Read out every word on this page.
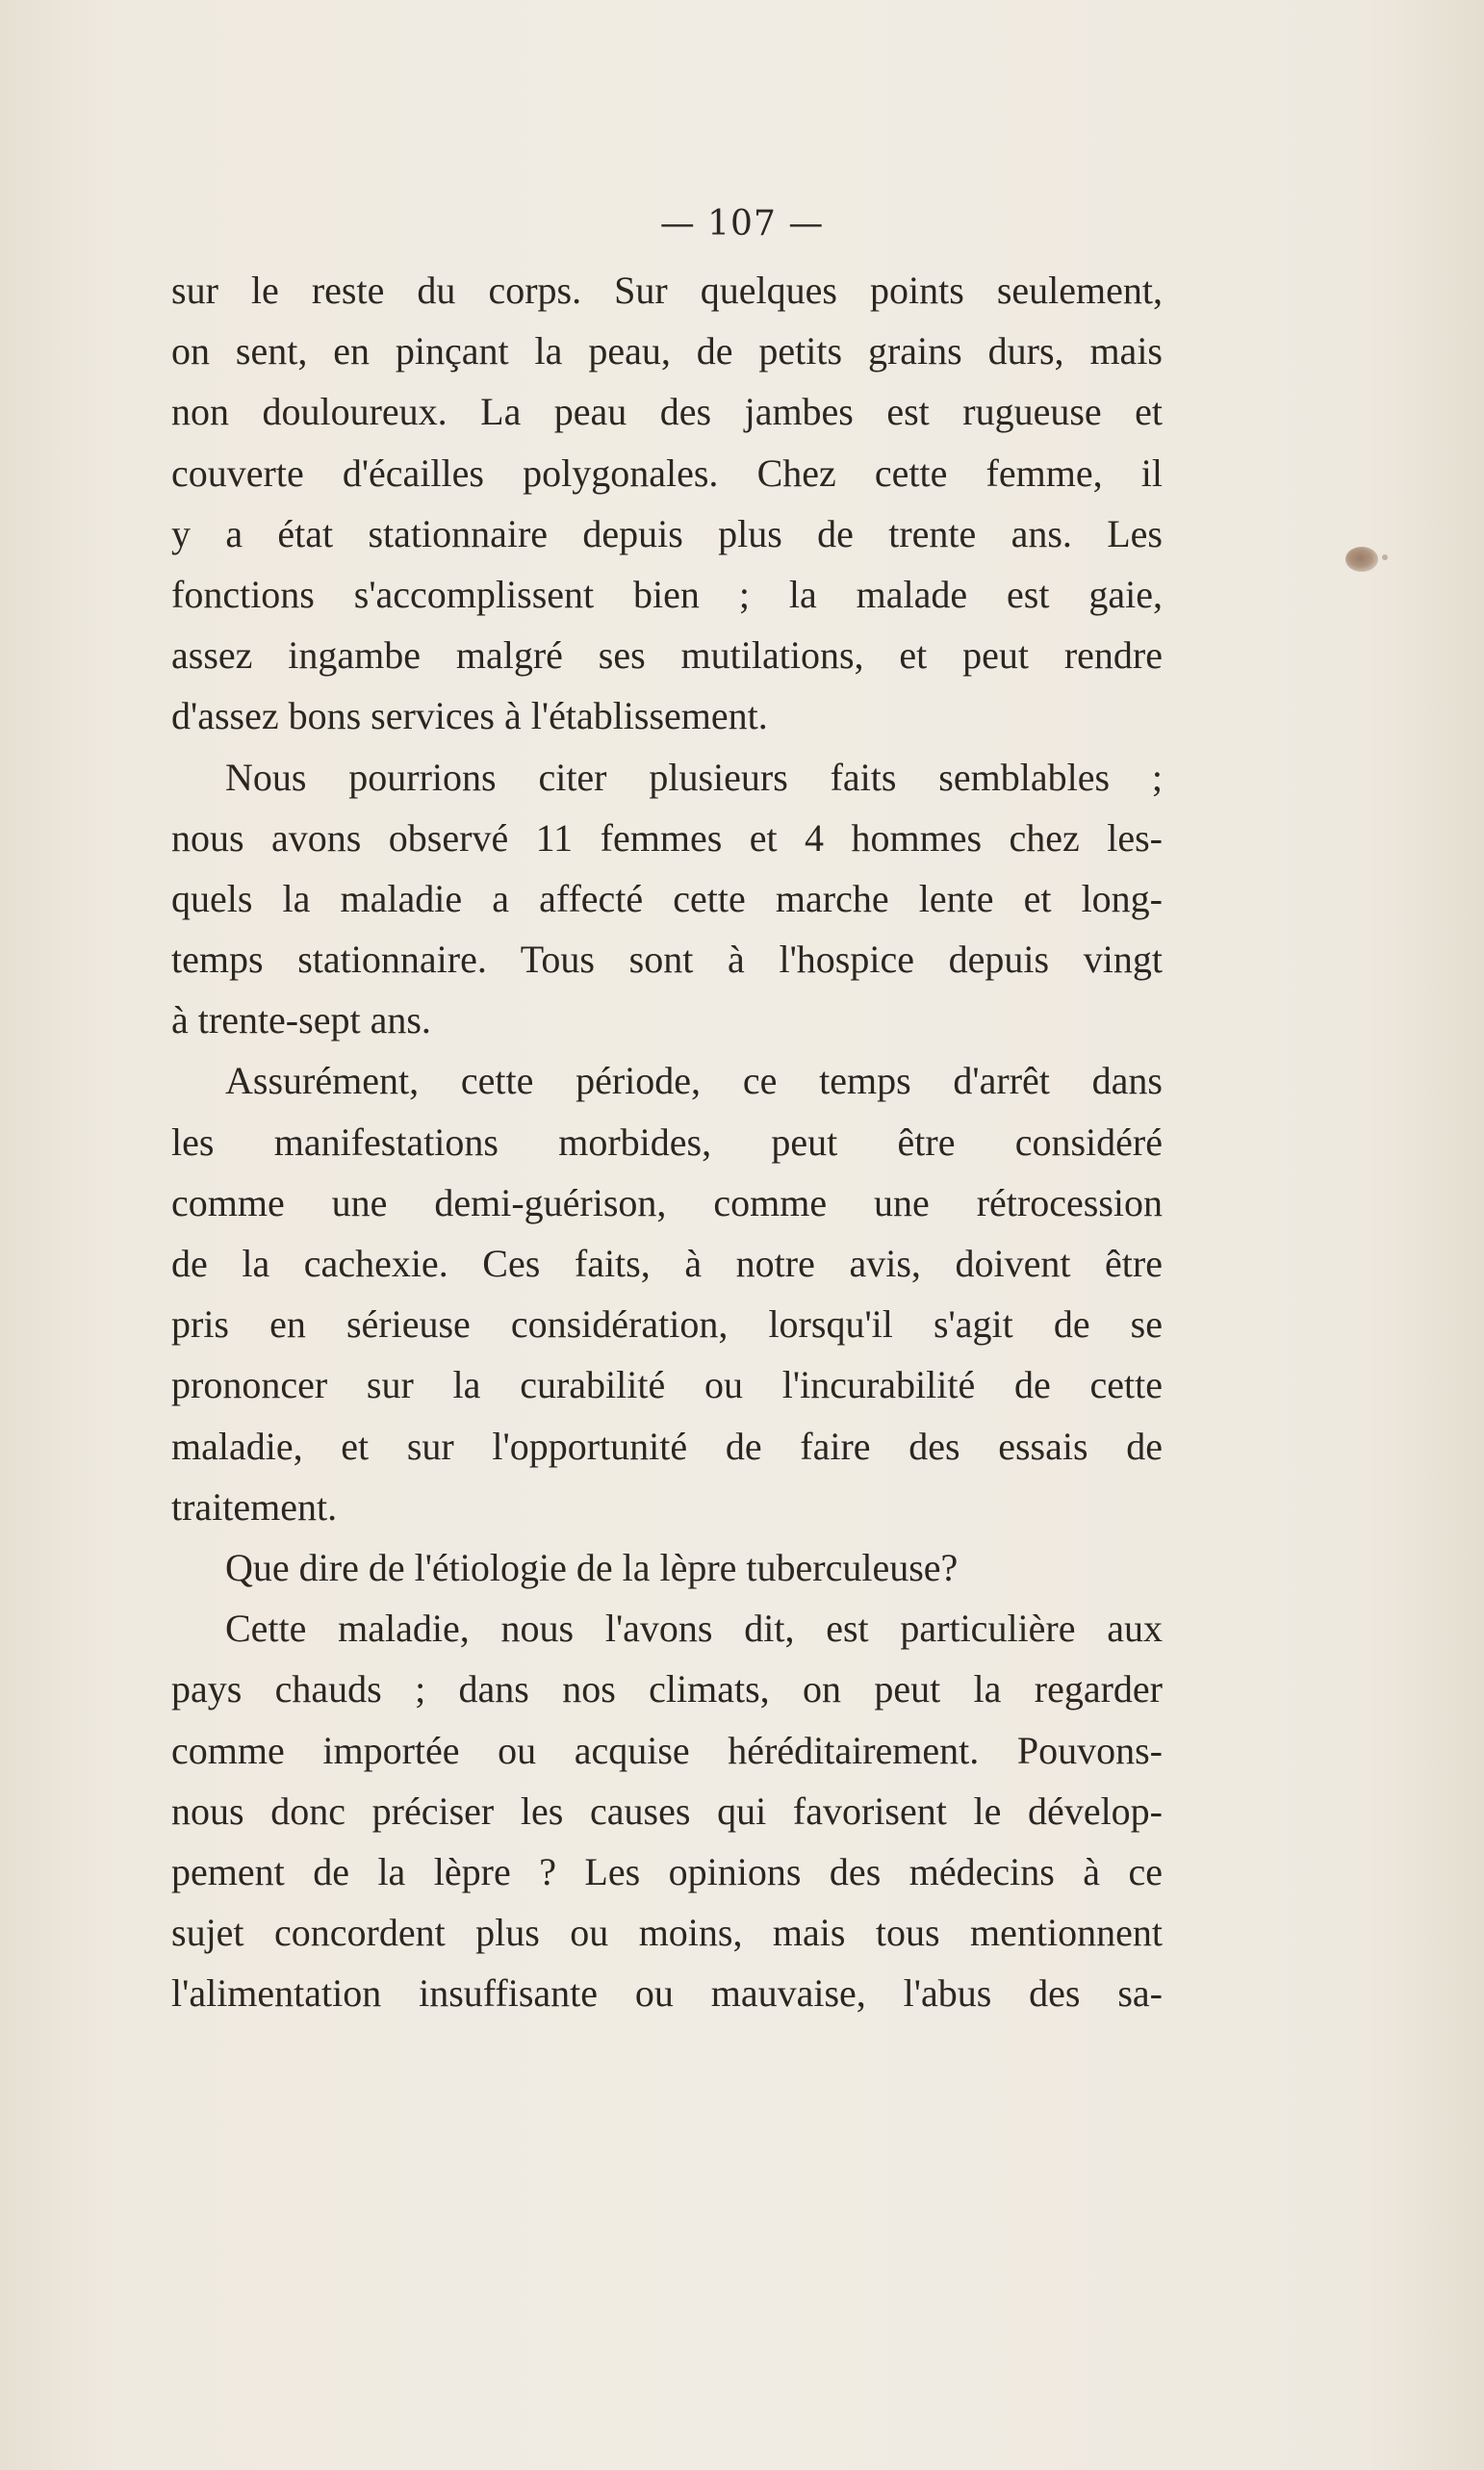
— 107 —
sur le reste du corps. Sur quelques points seulement,
on sent, en pinçant la peau, de petits grains durs, mais
non douloureux. La peau des jambes est rugueuse et
couverte d'écailles polygonales. Chez cette femme, il
y a état stationnaire depuis plus de trente ans. Les
fonctions s'accomplissent bien ; la malade est gaie,
assez ingambe malgré ses mutilations, et peut rendre
d'assez bons services à l'établissement.
Nous pourrions citer plusieurs faits semblables ;
nous avons observé 11 femmes et 4 hommes chez les-
quels la maladie a affecté cette marche lente et long-
temps stationnaire. Tous sont à l'hospice depuis vingt
à trente-sept ans.
Assurément, cette période, ce temps d'arrêt dans
les manifestations morbides, peut être considéré
comme une demi-guérison, comme une rétrocession
de la cachexie. Ces faits, à notre avis, doivent être
pris en sérieuse considération, lorsqu'il s'agit de se
prononcer sur la curabilité ou l'incurabilité de cette
maladie, et sur l'opportunité de faire des essais de
traitement.
Que dire de l'étiologie de la lèpre tuberculeuse?
Cette maladie, nous l'avons dit, est particulière aux
pays chauds ; dans nos climats, on peut la regarder
comme importée ou acquise héréditairement. Pouvons-
nous donc préciser les causes qui favorisent le dévelop-
pement de la lèpre ? Les opinions des médecins à ce
sujet concordent plus ou moins, mais tous mentionnent
l'alimentation insuffisante ou mauvaise, l'abus des sa-
